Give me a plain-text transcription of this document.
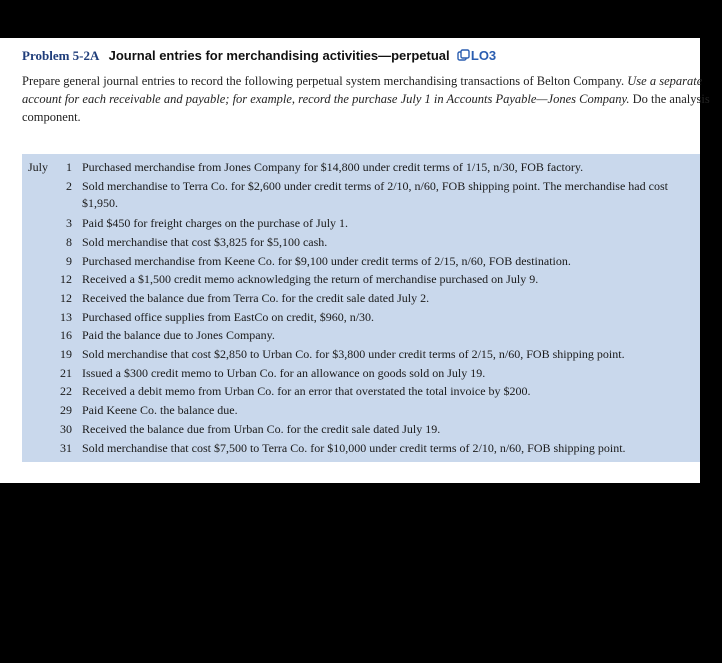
Problem 5-2A Journal entries for merchandising activities—perpetual LO3
Prepare general journal entries to record the following perpetual system merchandising transactions of Belton Company. Use a separate
account for each receivable and payable; for example, record the purchase July 1 in Accounts Payable—Jones Company. Do the analysis
component.
July	1 Purchased merchandise from Jones Company for $14,800 under credit terms of 1/15, n/30, FOB factory.
2 Sold merchandise to Terra Co. for $2,600 under credit terms of 2/10, n/60, FOB shipping point. The merchandise had cost
$1,950.
3 Paid $450 for freight charges on the purchase of July 1.
8 Sold merchandise that cost $3,825 for $5,100 cash.
9 Purchased merchandise from Keene Co. for $9,100 under credit terms of 2/15, n/60, FOB destination.
12 Received a $1,500 credit memo acknowledging the return of merchandise purchased on July 9.
12 Received the balance due from Terra Co. for the credit sale dated July 2.
13 Purchased office supplies from EastCo on credit, $960, n/30.
16 Paid the balance due to Jones Company.
19 Sold merchandise that cost $2,850 to Urban Co. for $3,800 under credit terms of 2/15, n/60, FOB shipping point.
21 Issued a $300 credit memo to Urban Co. for an allowance on goods sold on July 19.
22 Received a debit memo from Urban Co. for an error that overstated the total invoice by $200.
29 Paid Keene Co. the balance due.
30 Received the balance due from Urban Co. for the credit sale dated July 19.
31 Sold merchandise that cost $7,500 to Terra Co. for $10,000 under credit terms of 2/10, n/60, FOB shipping point.
